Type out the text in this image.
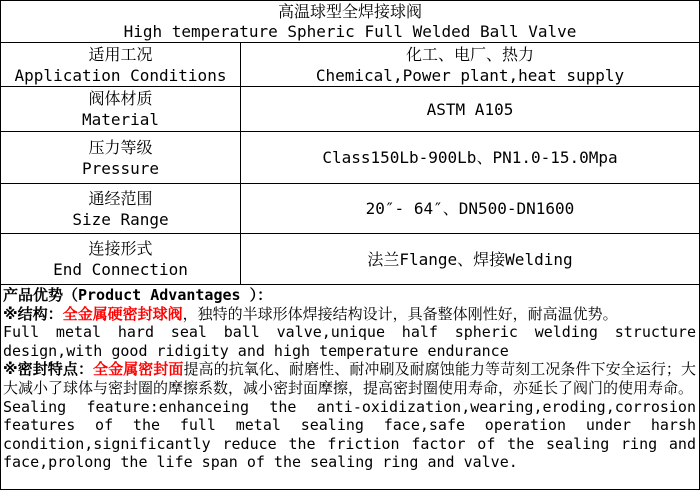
高温球型全焊接球阀
High temperature Spheric Full Welded Ball Valve
适用工况
Application Conditions
化工、电厂、热力
Chemical,Power plant,heat supply
阀体材质
Material
ASTM A105
压力等级
Pressure
Class150Lb-900Lb、PN1.0-15.0Mpa
通经范围
Size Range
20″- 64″、DN500-DN1600
连接形式
End Connection
法兰Flange、焊接Welding
产品优势（Product Advantages ）：
※结构：全金属硬密封球阀，独特的半球形体焊接结构设计，具备整体刚性好，耐高温优势。
Full metal hard seal ball valve,unique half spheric welding structure design,with good ridigity and high temperature endurance
※密封特点：全金属密封面提高的抗氧化、耐磨性、耐冲刷及耐腐蚀能力等苛刻工况条件下安全运行；大大减小了球体与密封圈的摩擦系数，减小密封面摩擦，提高密封圈使用寿命，亦延长了阀门的使用寿命。
Sealing feature:enhanceing the anti-oxidization,wearing,eroding,corrosion features of the full metal sealing face,safe operation under harsh condition,significantly reduce the friction factor of the sealing ring and face,prolong the life span of the sealing ring and valve.
